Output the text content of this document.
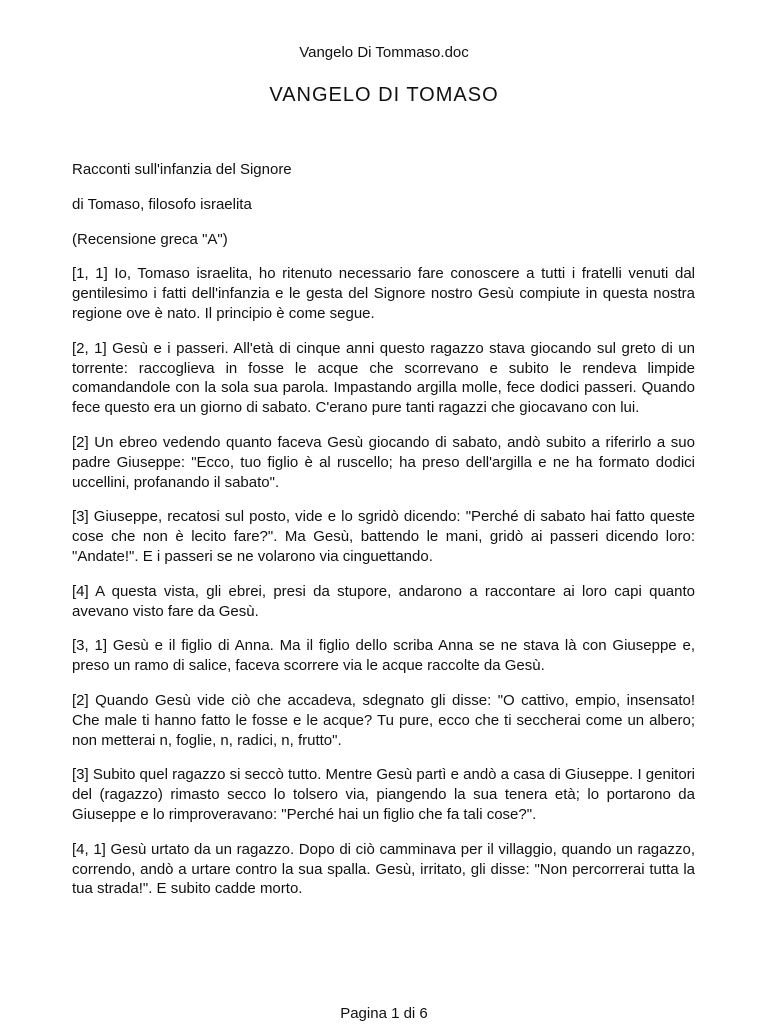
Vangelo Di Tommaso.doc
VANGELO DI TOMASO

Racconti sull'infanzia del Signore

di Tomaso, filosofo israelita

(Recensione greca "A")

[1, 1] Io, Tomaso israelita, ho ritenuto necessario fare conoscere a tutti i fratelli venuti dal gentilesimo i fatti dell'infanzia e le gesta del Signore nostro Gesù compiute in questa nostra regione ove è nato. Il principio è come segue.

[2, 1] Gesù e i passeri. All'età di cinque anni questo ragazzo stava giocando sul greto di un torrente: raccoglieva in fosse le acque che scorrevano e subito le rendeva limpide comandandole con la sola sua parola. Impastando argilla molle, fece dodici passeri. Quando fece questo era un giorno di sabato. C'erano pure tanti ragazzi che giocavano con lui.

[2] Un ebreo vedendo quanto faceva Gesù giocando di sabato, andò subito a riferirlo a suo padre Giuseppe: "Ecco, tuo figlio è al ruscello; ha preso dell'argilla e ne ha formato dodici uccellini, profanando il sabato".

[3] Giuseppe, recatosi sul posto, vide e lo sgridò dicendo: "Perché di sabato hai fatto queste cose che non è lecito fare?". Ma Gesù, battendo le mani, gridò ai passeri dicendo loro: "Andate!". E i passeri se ne volarono via cinguettando.

[4] A questa vista, gli ebrei, presi da stupore, andarono a raccontare ai loro capi quanto avevano visto fare da Gesù.

[3, 1] Gesù e il figlio di Anna. Ma il figlio dello scriba Anna se ne stava là con Giuseppe e, preso un ramo di salice, faceva scorrere via le acque raccolte da Gesù.

[2] Quando Gesù vide ciò che accadeva, sdegnato gli disse: "O cattivo, empio, insensato! Che male ti hanno fatto le fosse e le acque? Tu pure, ecco che ti seccherai come un albero; non metterai n, foglie, n, radici, n, frutto".

[3] Subito quel ragazzo si seccò tutto. Mentre Gesù partì e andò a casa di Giuseppe. I genitori del (ragazzo) rimasto secco lo tolsero via, piangendo la sua tenera età; lo portarono da Giuseppe e lo rimproveravano: "Perché hai un figlio che fa tali cose?".

[4, 1] Gesù urtato da un ragazzo. Dopo di ciò camminava per il villaggio, quando un ragazzo, correndo, andò a urtare contro la sua spalla. Gesù, irritato, gli disse: "Non percorrerai tutta la tua strada!". E subito cadde morto.

Pagina 1 di 6
